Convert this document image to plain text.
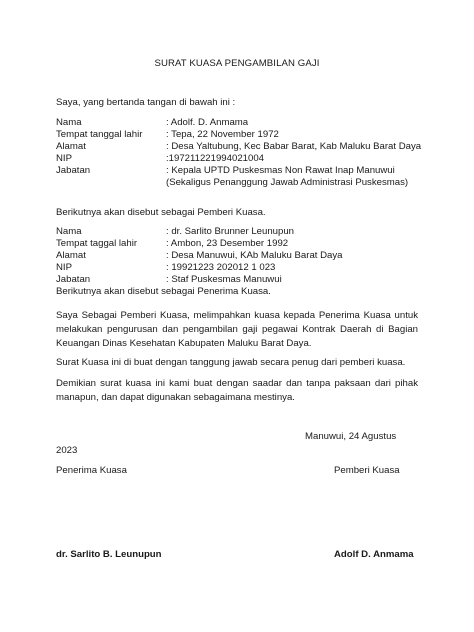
SURAT KUASA PENGAMBILAN GAJI
Saya, yang bertanda tangan di bawah ini :
Nama	: Adolf. D. Anmama
Tempat tanggal lahir : Tepa, 22 November 1972
Alamat	: Desa Yaltubung, Kec Babar Barat, Kab Maluku Barat Daya
NIP	:197211221994021004
Jabatan	: Kepala UPTD Puskesmas Non Rawat Inap Manuwui
(Sekaligus Penanggung Jawab Administrasi Puskesmas)
Berikutnya akan disebut sebagai Pemberi Kuasa.
Nama	: dr. Sarlito Brunner Leunupun
Tempat taggal lahir	: Ambon, 23 Desember 1992
Alamat	: Desa Manuwui, KAb Maluku Barat Daya
NIP	: 19921223 202012 1 023
Jabatan	: Staf Puskesmas Manuwui
Berikutnya akan disebut sebagai Penerima Kuasa.
Saya Sebagai Pemberi Kuasa, melimpahkan kuasa kepada Penerima Kuasa untuk melakukan pengurusan dan pengambilan gaji pegawai Kontrak Daerah di Bagian Keuangan Dinas Kesehatan Kabupaten Maluku Barat Daya.
Surat Kuasa ini di buat dengan tanggung jawab secara penug dari pemberi kuasa.
Demikian surat kuasa ini kami buat dengan saadar dan tanpa paksaan dari pihak manapun, dan dapat digunakan sebagaimana mestinya.
Manuwui, 24 Agustus
2023
Penerima Kuasa	Pemberi Kuasa
dr. Sarlito B. Leunupun	Adolf D. Anmama
